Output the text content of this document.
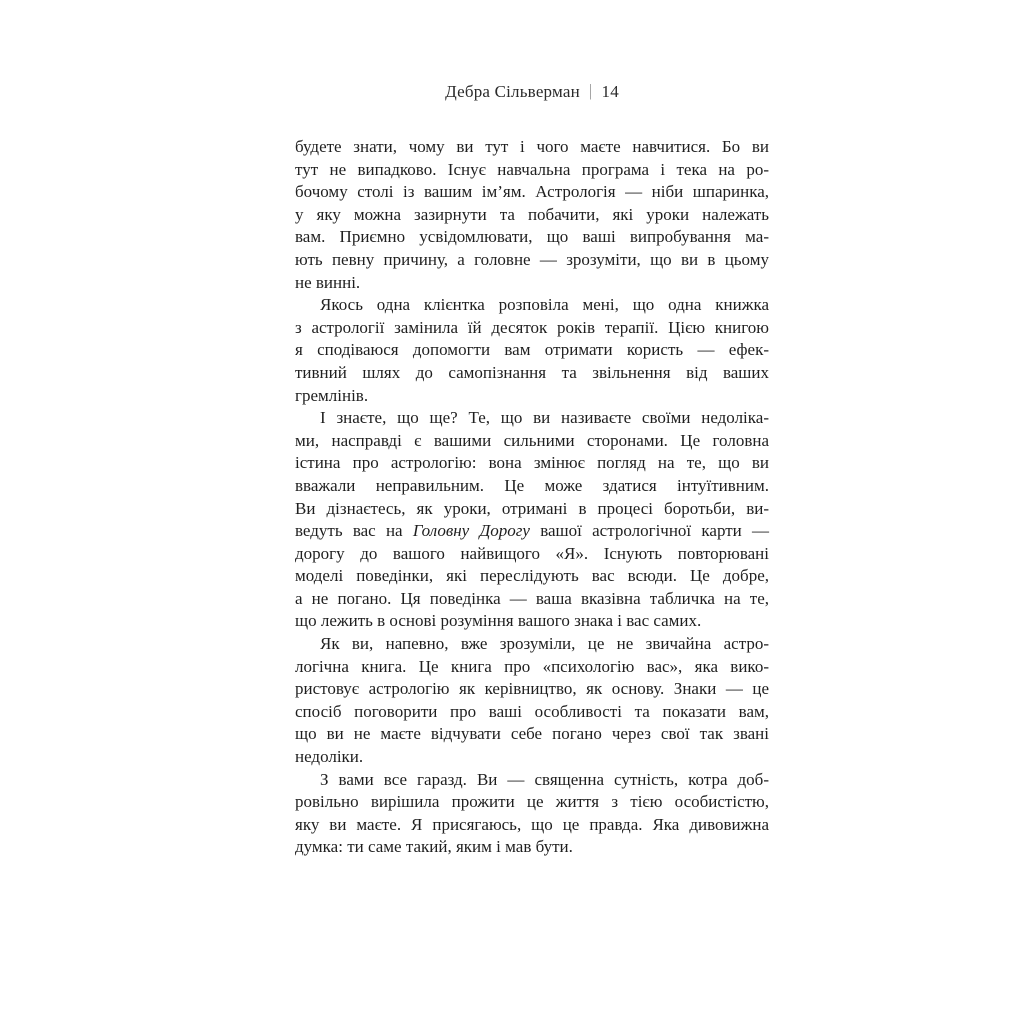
Дебра Сільверман | 14
будете знати, чому ви тут і чого маєте навчитися. Бо ви
тут не випадково. Існує навчальна програма і тека на ро-
бочому столі із вашим ім’ям. Астрологія — ніби шпаринка,
у яку можна зазирнути та побачити, які уроки належать
вам. Приємно усвідомлювати, що ваші випробування ма-
ють певну причину, а головне — зрозуміти, що ви в цьому
не винні.
Якось одна клієнтка розповіла мені, що одна книжка
з астрології замінила їй десяток років терапії. Цією книгою
я сподіваюся допомогти вам отримати користь — ефек-
тивний шлях до самопізнання та звільнення від ваших
гремлінів.
І знаєте, що ще? Те, що ви називаєте своїми недоліка-
ми, насправді є вашими сильними сторонами. Це головна
істина про астрологію: вона змінює погляд на те, що ви
вважали неправильним. Це може здатися інтуїтивним.
Ви дізнаєтесь, як уроки, отримані в процесі боротьби, ви-
ведуть вас на Головну Дорогу вашої астрологічної карти —
дорогу до вашого найвищого «Я». Існують повторювані
моделі поведінки, які переслідують вас всюди. Це добре,
а не погано. Ця поведінка — ваша вказівна табличка на те,
що лежить в основі розуміння вашого знака і вас самих.
Як ви, напевно, вже зрозуміли, це не звичайна астро-
логічна книга. Це книга про «психологію вас», яка вико-
ристовує астрологію як керівництво, як основу. Знаки — це
спосіб поговорити про ваші особливості та показати вам,
що ви не маєте відчувати себе погано через свої так звані
недоліки.
З вами все гаразд. Ви — священна сутність, котра доб-
ровільно вирішила прожити це життя з тією особистістю,
яку ви маєте. Я присягаюсь, що це правда. Яка дивовижна
думка: ти саме такий, яким і мав бути.
